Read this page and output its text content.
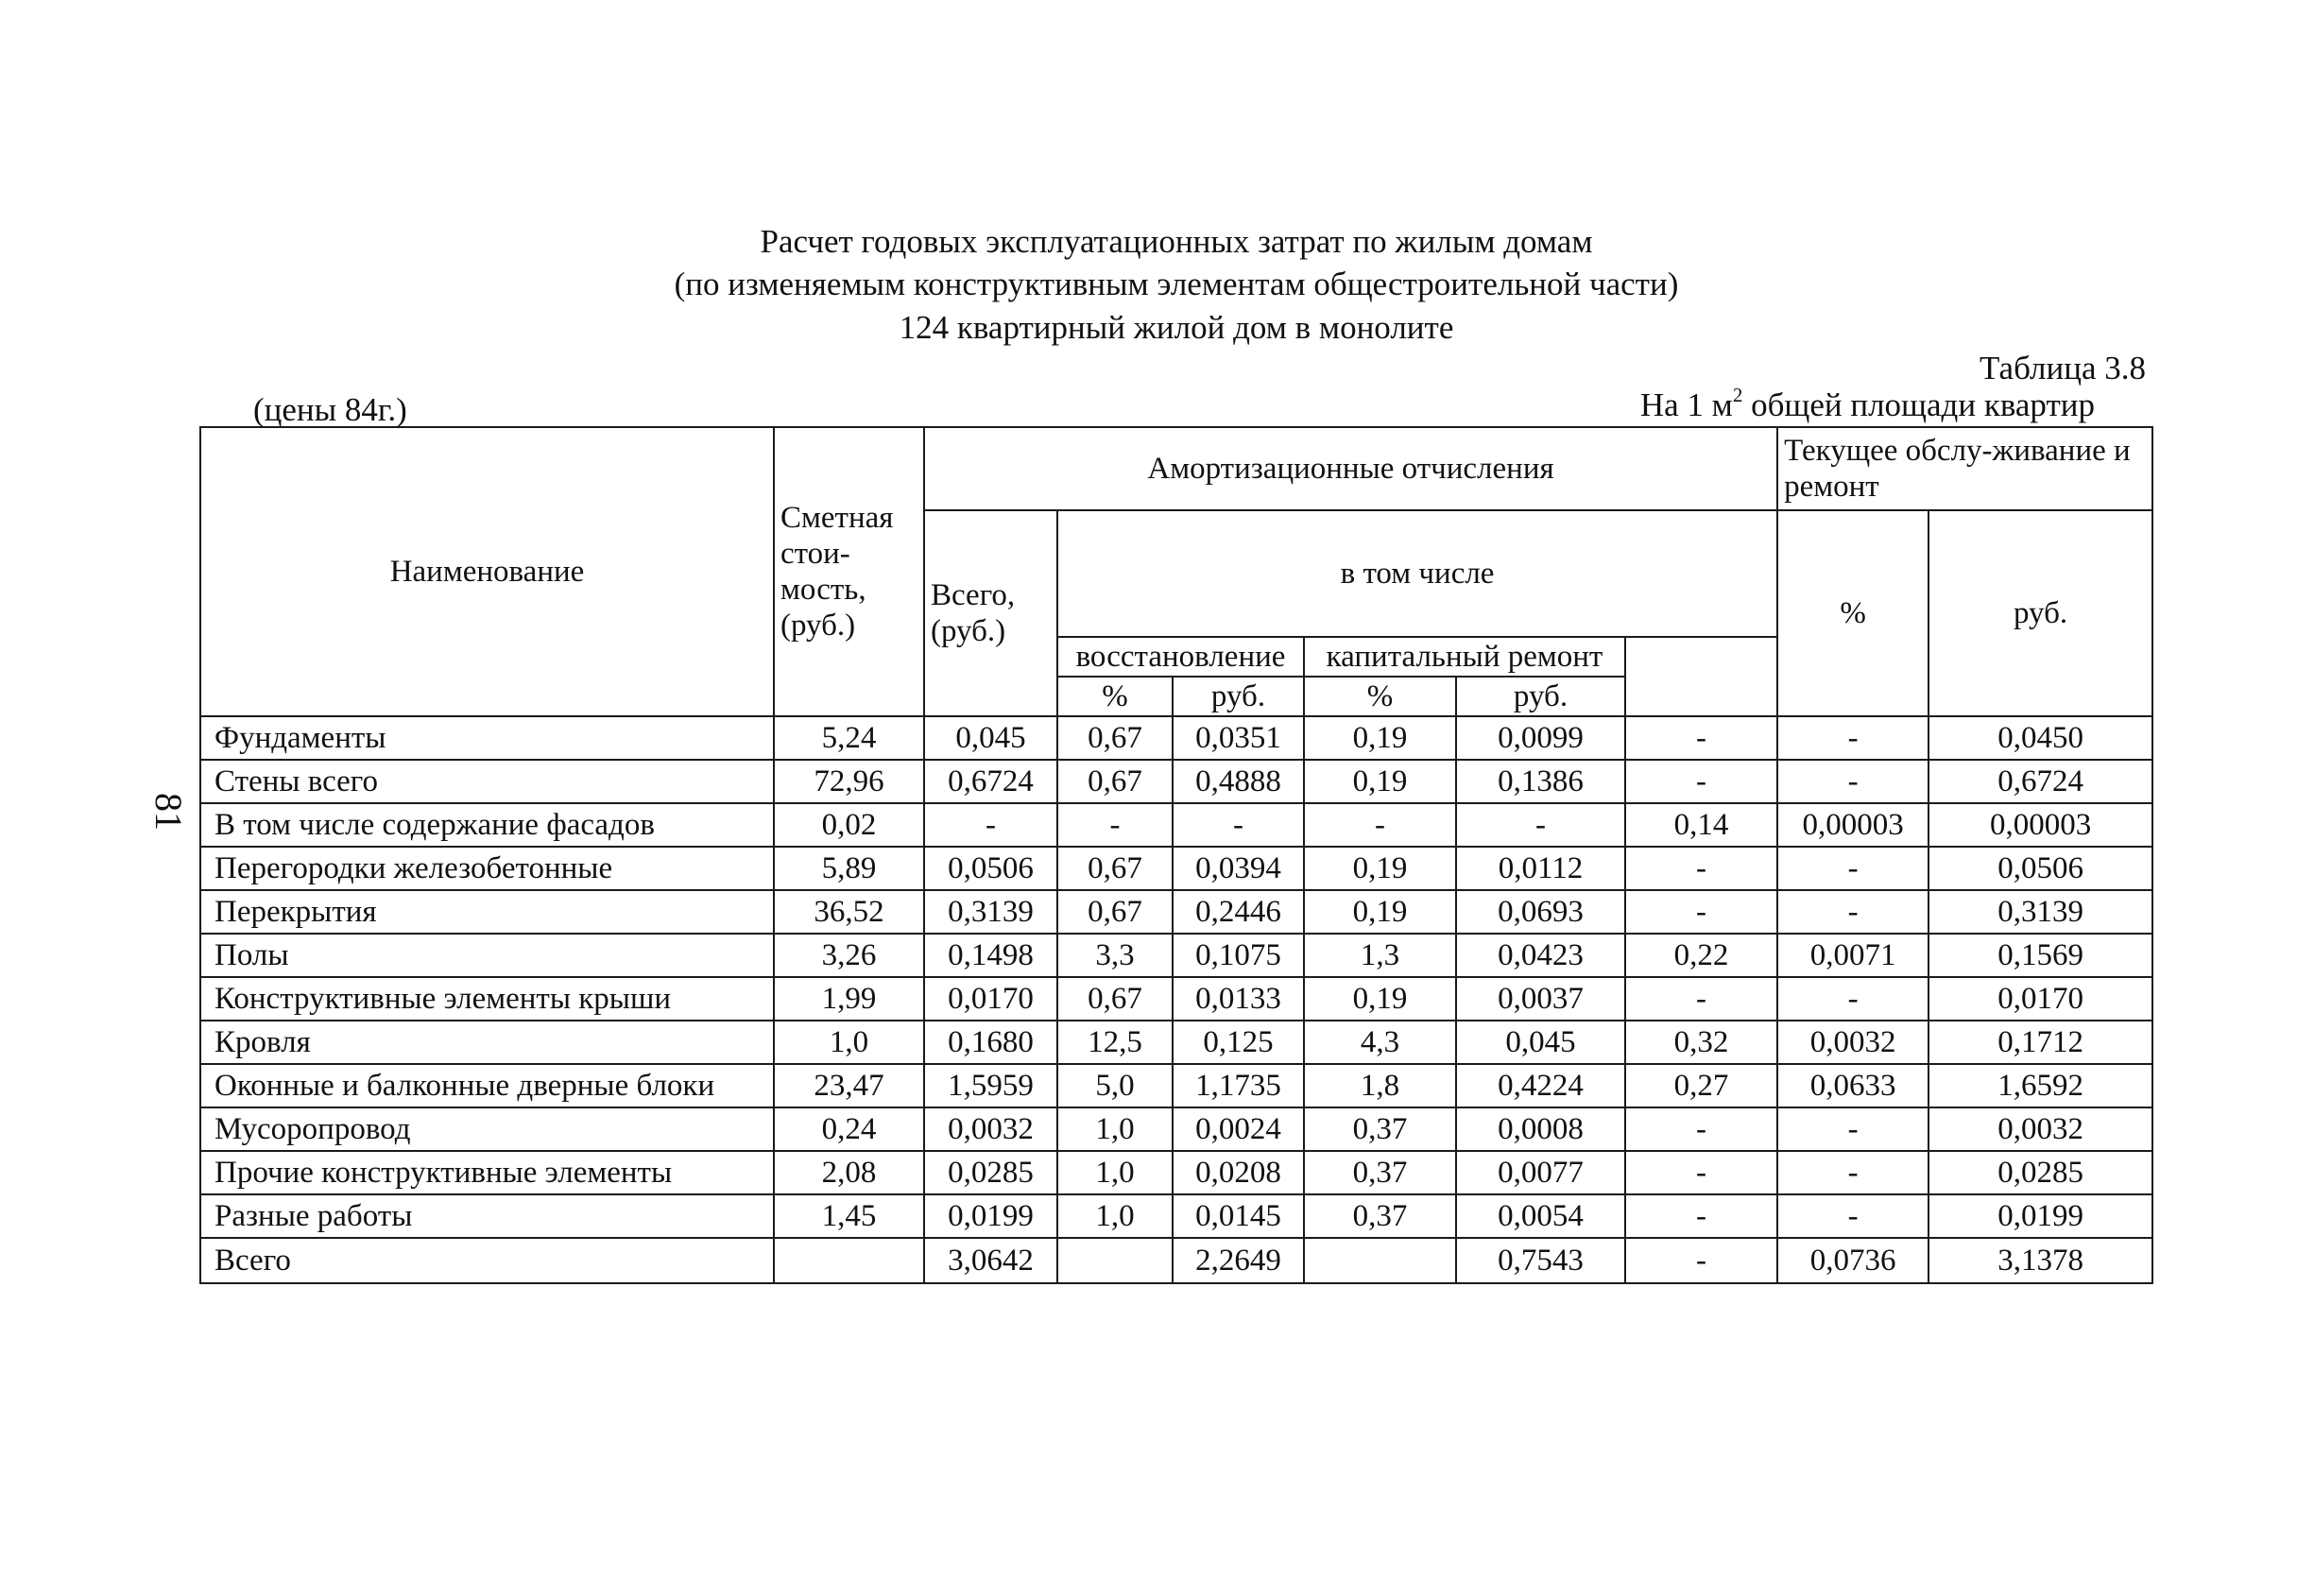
Расчет годовых эксплуатационных затрат по жилым домам
(по изменяемым конструктивным элементам общестроительной части)
124 квартирный жилой дом в монолите
Таблица 3.8
(цены 84г.)	На 1 $м^2$ общей площади квартир
81
Наименование	Сметная стои-мость, (руб.)	Амортизационные отчисления						Текущее обслу-живание и ремонт	
		Всего, (руб.)	в том числе					%	руб.	
			восстановление		капитальный ремонт					
			%	руб.	%	руб.				
Фундаменты	5,24	0,045	0,67	0,0351	0,19	0,0099	-	-	0,0450	
Стены всего	72,96	0,6724	0,67	0,4888	0,19	0,1386	-	-	0,6724	
В том числе содержание фасадов	0,02	-	-	-	-	-	0,14	0,00003	0,00003	
Перегородки железобетонные	5,89	0,0506	0,67	0,0394	0,19	0,0112	-	-	0,0506	
Перекрытия	36,52	0,3139	0,67	0,2446	0,19	0,0693	-	-	0,3139	
Полы	3,26	0,1498	3,3	0,1075	1,3	0,0423	0,22	0,0071	0,1569	
Конструктивные элементы крыши	1,99	0,0170	0,67	0,0133	0,19	0,0037	-	-	0,0170	
Кровля	1,0	0,1680	12,5	0,125	4,3	0,045	0,32	0,0032	0,1712	
Оконные и балконные дверные блоки	23,47	1,5959	5,0	1,1735	1,8	0,4224	0,27	0,0633	1,6592	
Мусоропровод	0,24	0,0032	1,0	0,0024	0,37	0,0008	-	-	0,0032	
Прочие конструктивные элементы	2,08	0,0285	1,0	0,0208	0,37	0,0077	-	-	0,0285	
Разные работы	1,45	0,0199	1,0	0,0145	0,37	0,0054	-	-	0,0199	
Всего		3,0642		2,2649		0,7543	-	0,0736	3,1378	
